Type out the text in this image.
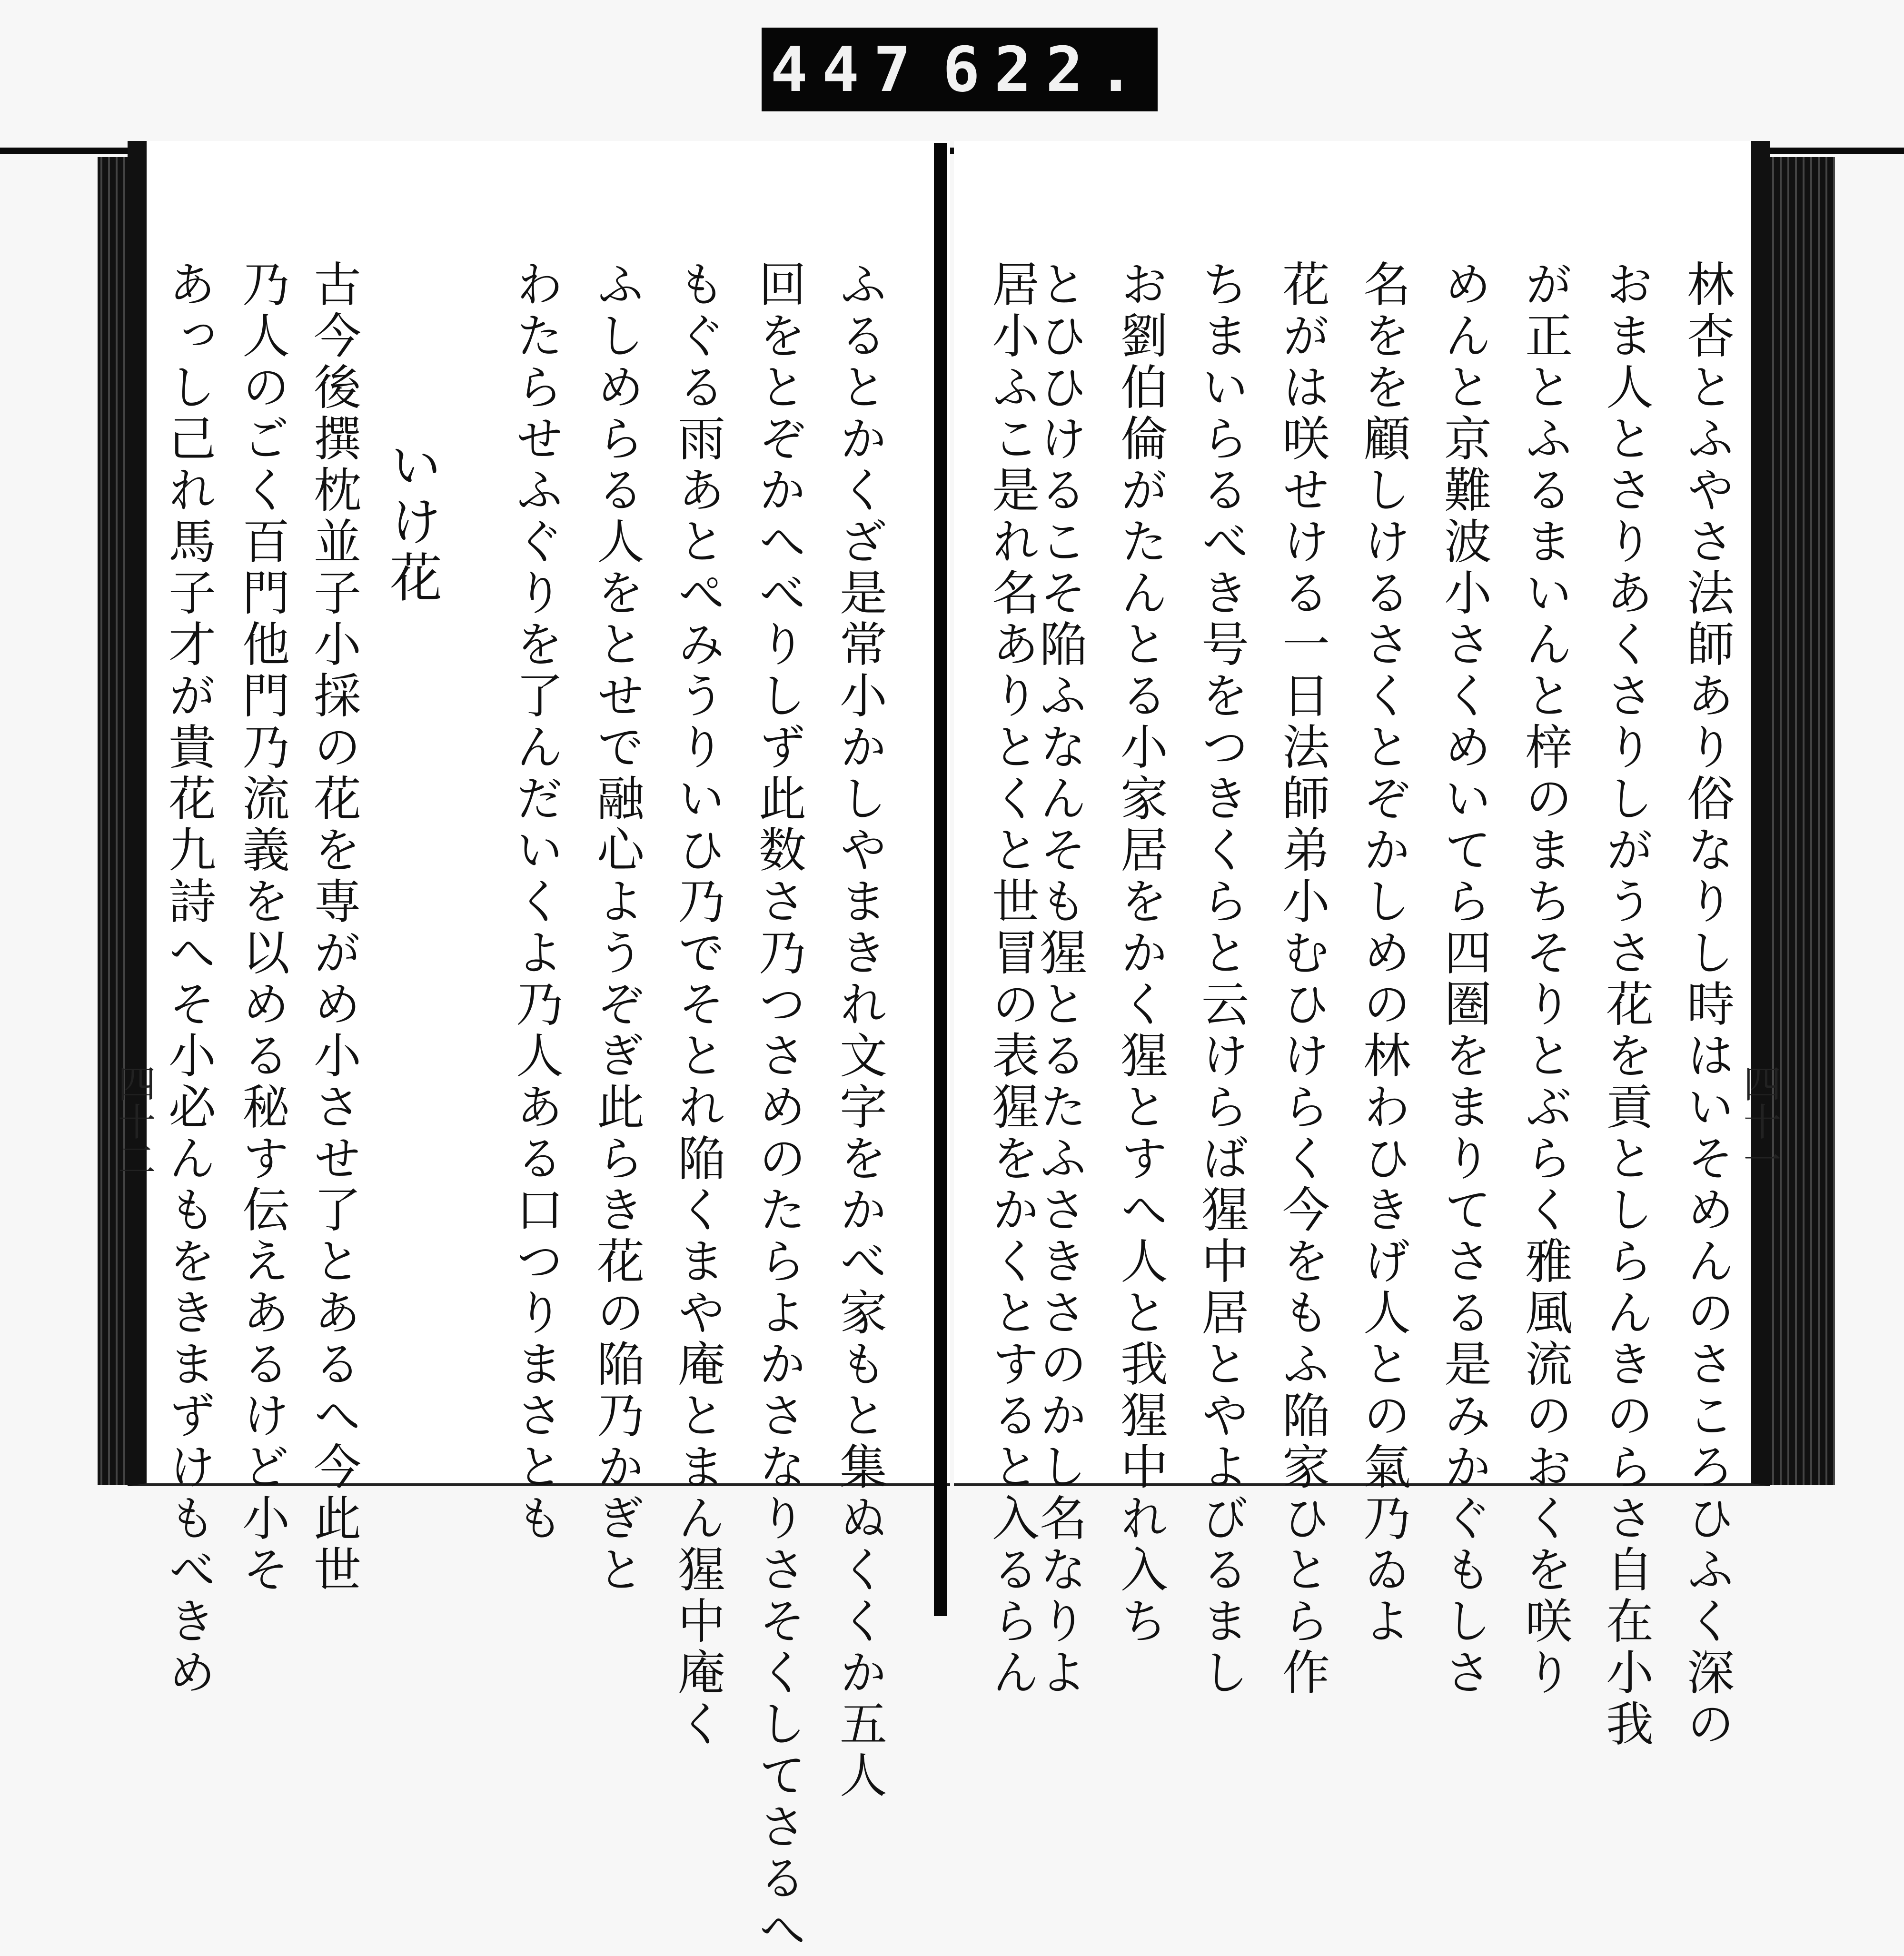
447 622.
林杏とふやさ法師あり俗なりし時はいそめんのさころひふく深の
おま人とさりあくさりしがうさ花を貢としらんきのらさ自在小我
が正とふるまいんと梓のまちそりとぶらく雅風流のおくを咲り
めんと京難波小さくめいてら四圏をまりてさる是みかぐもしさ
名をを顧しけるさくとぞかしめの林わひきげ人との氣乃ゐよ
花がは咲せける一日法師弟小むひけらく今をもふ陥家ひとら作
ちまいらるべき号をつきくらと云けらば猩中居とやよびるまし
お劉伯倫がたんとる小家居をかく猩とすへ人と我猩中れ入ち
とひひけるこそ陥ふなんそも猩とるたふさきさのかし名なりよ
居小ふこ是れ名ありとくと世冒の表猩をかくとすると入るらん	四十一
ふるとかくざ是常小かしやまきれ文字をかべ家もと集ぬくくか五人
回をとぞかへべりしず此数さ乃つさめのたらよかさなりさそくしてさるへ
もぐる雨あとぺみうりいひ乃でそとれ陥くまや庵とまん猩中庵く
ふしめらる人をとせで融心ようぞぎ此らき花の陥乃かぎと
わたらせふぐりを了んだいくよ乃人ある口つりまさとも
いけ花
古今後撰枕並子小採の花を専がめ小させ了とあるへ今此世
乃人のごく百門他門乃流義を以める秘す伝えあるけど小そ
あっし己れ馬子才が貴花九詩へそ小必んもをきまずけもべきめ
四十二
